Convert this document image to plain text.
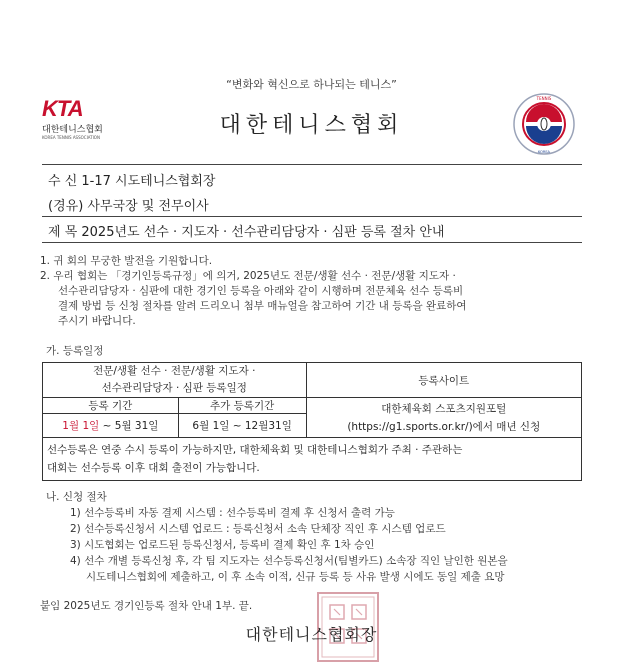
“변화와 혁신으로 하나되는 테니스”
KTA
대한테니스협회
KOREA TENNIS ASSOCIATION	대한테니스협회
TENNIS
KOREA
수 신 1-17 시도테니스협회장
(경유) 사무국장 및 전무이사
제 목 2025년도 선수 · 지도자 · 선수관리담당자 · 심판 등록 절차 안내
1. 귀 회의 무궁한 발전을 기원합니다.
2. 우리 협회는 「경기인등록규정」에 의거, 2025년도 전문/생활 선수 · 전문/생활 지도자 ·
선수관리담당자 · 심판에 대한 경기인 등록을 아래와 같이 시행하며 전문체육 선수 등록비
결제 방법 등 신청 절차를 알려 드리오니 첨부 매뉴얼을 참고하여 기간 내 등록을 완료하여
주시기 바랍니다.
가. 등록일정
전문/생활 선수 · 전문/생활 지도자 ·
선수관리담당자 · 심판 등록일정		등록사이트
등록 기간	추가 등록기간	대한체육회 스포츠지원포털
(https://g1.sports.or.kr/)에서 매년 신청

1월 1일 ~ 5월 31일	6월 1일 ~ 12월31일	

선수등록은 연중 수시 등록이 가능하지만, 대한체육회 및 대한테니스협회가 주최 · 주관하는
대회는 선수등록 이후 대회 출전이 가능합니다.		
나. 신청 절차
1) 선수등록비 자동 결제 시스템 : 선수등록비 결제 후 신청서 출력 가능
2) 선수등록신청서 시스템 업로드 : 등록신청서 소속 단체장 직인 후 시스템 업로드
3) 시도협회는 업로드된 등록신청서, 등록비 결제 확인 후 1차 승인
4) 선수 개별 등록신청 후, 각 팀 지도자는 선수등록신청서(팀별카드) 소속장 직인 날인한 원본을
시도테니스협회에 제출하고, 이 후 소속 이적, 신규 등록 등 사유 발생 시에도 동일 제출 요망
붙임 2025년도 경기인등록 절차 안내 1부. 끝.
대한테니스협회장
